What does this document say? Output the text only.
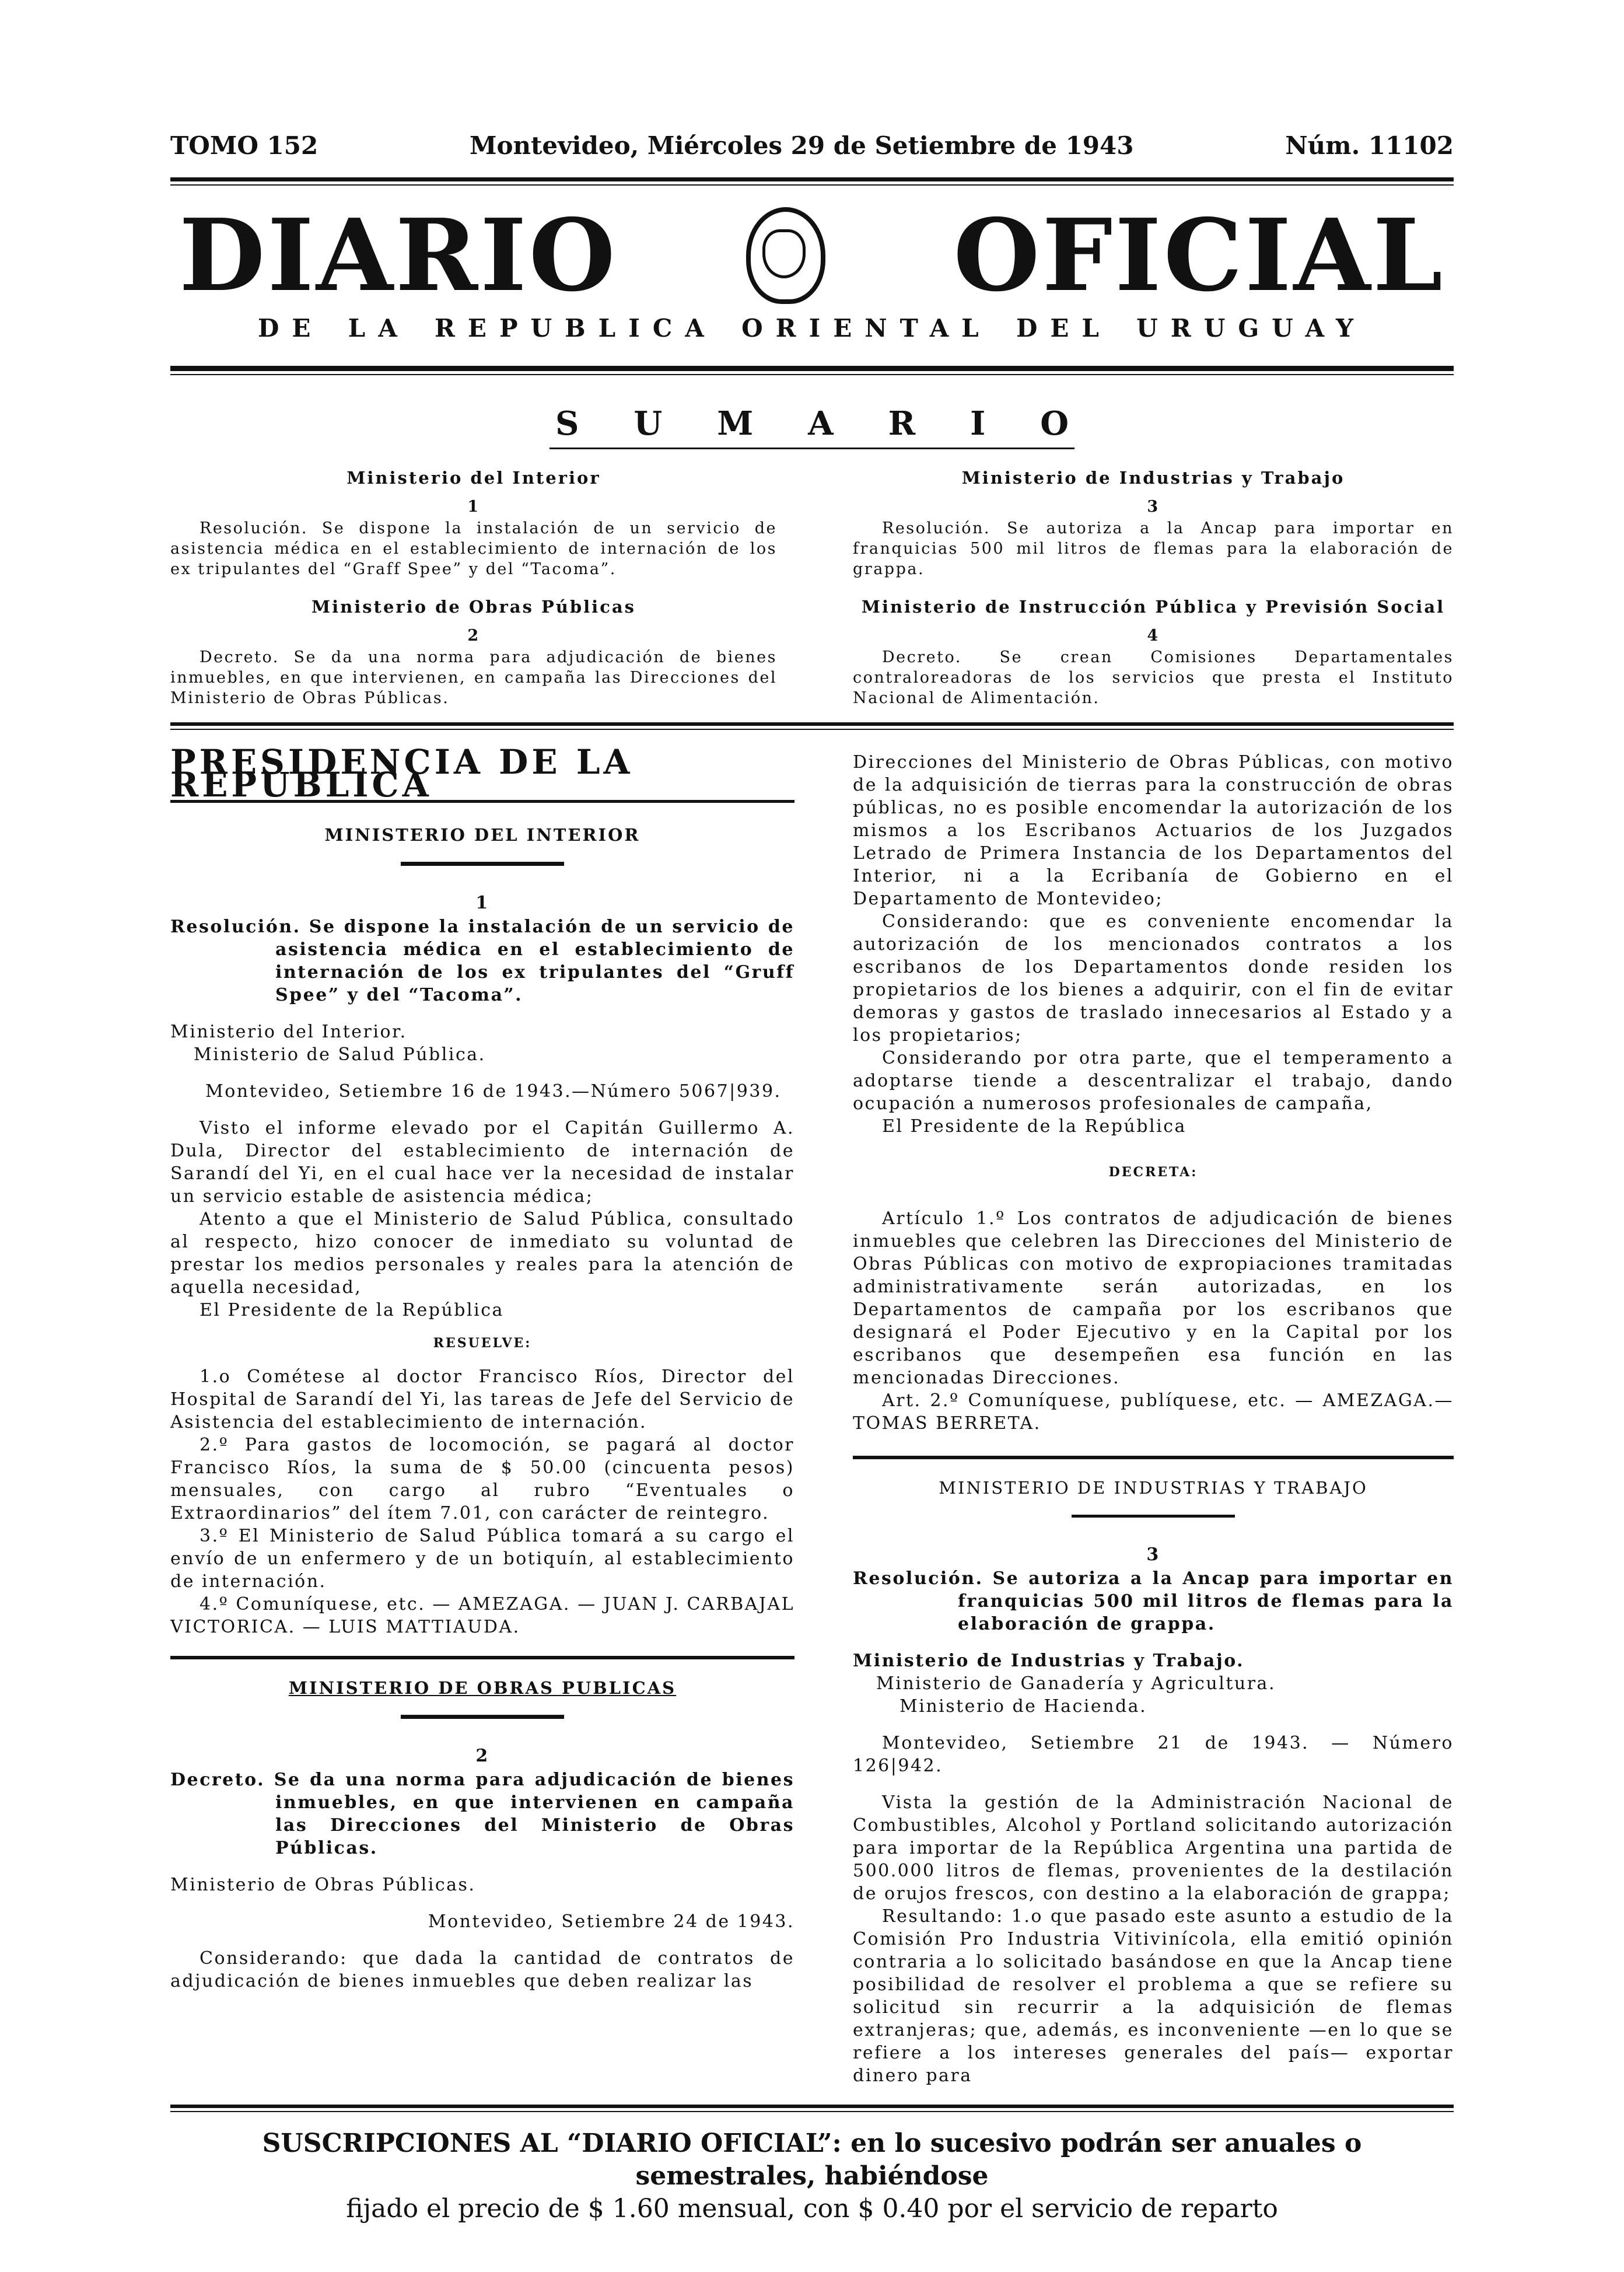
TOMO 152	Montevideo, Miércoles 29 de Setiembre de 1943	Núm. 11102
DIARIO	OFICIAL
DE LA REPUBLICA ORIENTAL DEL URUGUAY
S U M A R I O
Ministerio del Interior
1

Resolución. Se dispone la instalación de un servicio de asistencia médica en el establecimiento de internación de los ex tripulantes del “Graff Spee” y del “Tacoma”.

Ministerio de Obras Públicas
2

Decreto. Se da una norma para adjudicación de bienes inmuebles, en que intervienen, en campaña las Direcciones del Ministerio de Obras Públicas.

Ministerio de Industrias y Trabajo
3

Resolución. Se autoriza a la Ancap para importar en franquicias 500 mil litros de flemas para la elaboración de grappa.

Ministerio de Instrucción Pública y Previsión Social
4

Decreto. Se crean Comisiones Departamentales contraloreadoras de los servicios que presta el Instituto Nacional de Alimentación.

PRESIDENCIA DE LA REPUBLICA
MINISTERIO DEL INTERIOR
1

Resolución. Se dispone la instalación de un servicio de asistencia médica en el establecimiento de internación de los ex tripulantes del “Gruff Spee” y del “Tacoma”.

Ministerio del Interior.

Ministerio de Salud Pública.

Montevideo, Setiembre 16 de 1943.—Número 5067|939.

Visto el informe elevado por el Capitán Guillermo A. Dula, Director del establecimiento de internación de Sarandí del Yi, en el cual hace ver la necesidad de instalar un servicio estable de asistencia médica;

Atento a que el Ministerio de Salud Pública, consultado al respecto, hizo conocer de inmediato su voluntad de prestar los medios personales y reales para la atención de aquella necesidad,

El Presidente de la República

RESUELVE:

1.o Cométese al doctor Francisco Ríos, Director del Hospital de Sarandí del Yi, las tareas de Jefe del Servicio de Asistencia del establecimiento de internación.

2.º Para gastos de locomoción, se pagará al doctor Francisco Ríos, la suma de $ 50.00 (cincuenta pesos) mensuales, con cargo al rubro “Eventuales o Extraordinarios” del ítem 7.01, con carácter de reintegro.

3.º El Ministerio de Salud Pública tomará a su cargo el envío de un enfermero y de un botiquín, al establecimiento de internación.

4.º Comuníquese, etc. — AMEZAGA. — JUAN J. CARBAJAL VICTORICA. — LUIS MATTIAUDA.

MINISTERIO DE OBRAS PUBLICAS
2

Decreto. Se da una norma para adjudicación de bienes inmuebles, en que intervienen en campaña las Direcciones del Ministerio de Obras Públicas.

Ministerio de Obras Públicas.

Montevideo, Setiembre 24 de 1943.

Considerando: que dada la cantidad de contratos de adjudicación de bienes inmuebles que deben realizar las

Direcciones del Ministerio de Obras Públicas, con motivo de la adquisición de tierras para la construcción de obras públicas, no es posible encomendar la autorización de los mismos a los Escribanos Actuarios de los Juzgados Letrado de Primera Instancia de los Departamentos del Interior, ni a la Ecribanía de Gobierno en el Departamento de Montevideo;

Considerando: que es conveniente encomendar la autorización de los mencionados contratos a los escribanos de los Departamentos donde residen los propietarios de los bienes a adquirir, con el fin de evitar demoras y gastos de traslado innecesarios al Estado y a los propietarios;

Considerando por otra parte, que el temperamento a adoptarse tiende a descentralizar el trabajo, dando ocupación a numerosos profesionales de campaña,

El Presidente de la República

DECRETA:

Artículo 1.º Los contratos de adjudicación de bienes inmuebles que celebren las Direcciones del Ministerio de Obras Públicas con motivo de expropiaciones tramitadas administrativamente serán autorizadas, en los Departamentos de campaña por los escribanos que designará el Poder Ejecutivo y en la Capital por los escribanos que desempeñen esa función en las mencionadas Direcciones.

Art. 2.º Comuníquese, publíquese, etc. — AMEZAGA.— TOMAS BERRETA.

MINISTERIO DE INDUSTRIAS Y TRABAJO
3

Resolución. Se autoriza a la Ancap para importar en franquicias 500 mil litros de flemas para la elaboración de grappa.

Ministerio de Industrias y Trabajo.

Ministerio de Ganadería y Agricultura.

Ministerio de Hacienda.

Montevideo, Setiembre 21 de 1943. — Número 126|942.

Vista la gestión de la Administración Nacional de Combustibles, Alcohol y Portland solicitando autorización para importar de la República Argentina una partida de 500.000 litros de flemas, provenientes de la destilación de orujos frescos, con destino a la elaboración de grappa;

Resultando: 1.o que pasado este asunto a estudio de la Comisión Pro Industria Vitivinícola, ella emitió opinión contraria a lo solicitado basándose en que la Ancap tiene posibilidad de resolver el problema a que se refiere su solicitud sin recurrir a la adquisición de flemas extranjeras; que, además, es inconveniente —en lo que se refiere a los intereses generales del país— exportar dinero para

SUSCRIPCIONES AL “DIARIO OFICIAL”: en lo sucesivo podrán ser anuales o semestrales, habiéndose
fijado el precio de $ 1.60 mensual, con $ 0.40 por el servicio de reparto
